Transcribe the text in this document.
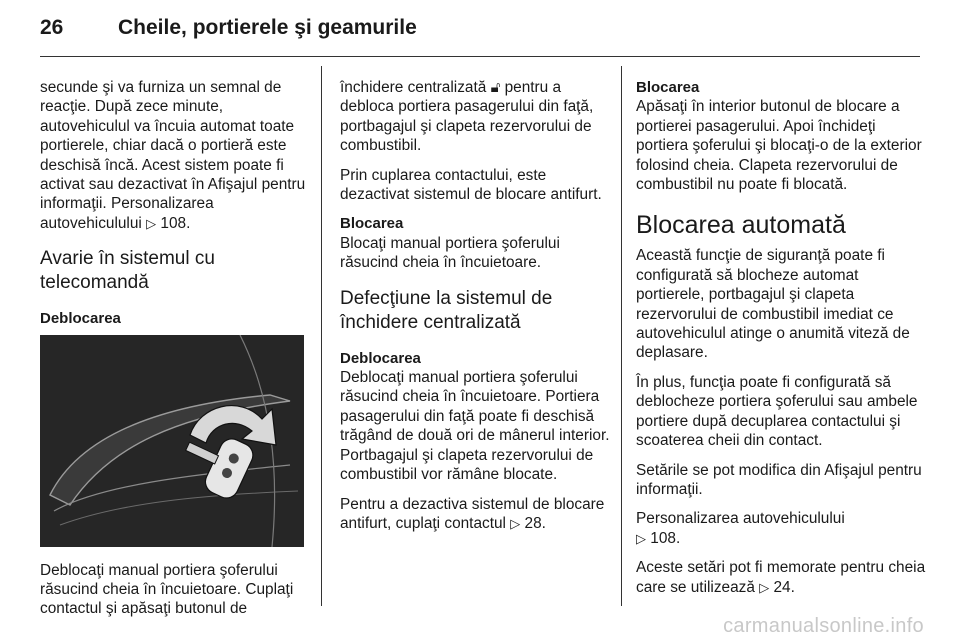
26	Cheile, portierele şi geamurile

secunde şi va furniza un semnal de reacţie. După zece minute, autovehiculul va încuia automat toate portierele, chiar dacă o portieră este deschisă încă. Acest sistem poate fi activat sau dezactivat în Afişajul pentru informaţii. Personalizarea autovehiculului ▷ 108.

Avarie în sistemul cu telecomandă
Deblocarea

Deblocaţi manual portiera şoferului răsucind cheia în încuietoare. Cuplaţi contactul şi apăsaţi butonul de

închidere centralizată 🔓︎ pentru a debloca portiera pasagerului din faţă, portbagajul şi clapeta rezervorului de combustibil.

Prin cuplarea contactului, este dezactivat sistemul de blocare antifurt.

Blocarea

Blocaţi manual portiera şoferului răsucind cheia în încuietoare.

Defecţiune la sistemul de închidere centralizată
Deblocarea

Deblocaţi manual portiera şoferului răsucind cheia în încuietoare. Portiera pasagerului din faţă poate fi deschisă trăgând de două ori de mânerul interior. Portbagajul şi clapeta rezervorului de combustibil vor rămâne blocate.

Pentru a dezactiva sistemul de blocare antifurt, cuplaţi contactul ▷ 28.

Blocarea

Apăsaţi în interior butonul de blocare a portierei pasagerului. Apoi închideţi portiera şoferului şi blocaţi-o de la exterior folosind cheia. Clapeta rezervorului de combustibil nu poate fi blocată.

Blocarea automată

Această funcţie de siguranţă poate fi configurată să blocheze automat portierele, portbagajul şi clapeta rezervorului de combustibil imediat ce autovehiculul atinge o anumită viteză de deplasare.

În plus, funcţia poate fi configurată să deblocheze portiera şoferului sau ambele portiere după decuplarea contactului şi scoaterea cheii din contact.

Setările se pot modifica din Afişajul pentru informaţii.

Personalizarea autovehiculului
▷ 108.

Aceste setări pot fi memorate pentru cheia care se utilizează ▷ 24.

carmanualsonline.info
